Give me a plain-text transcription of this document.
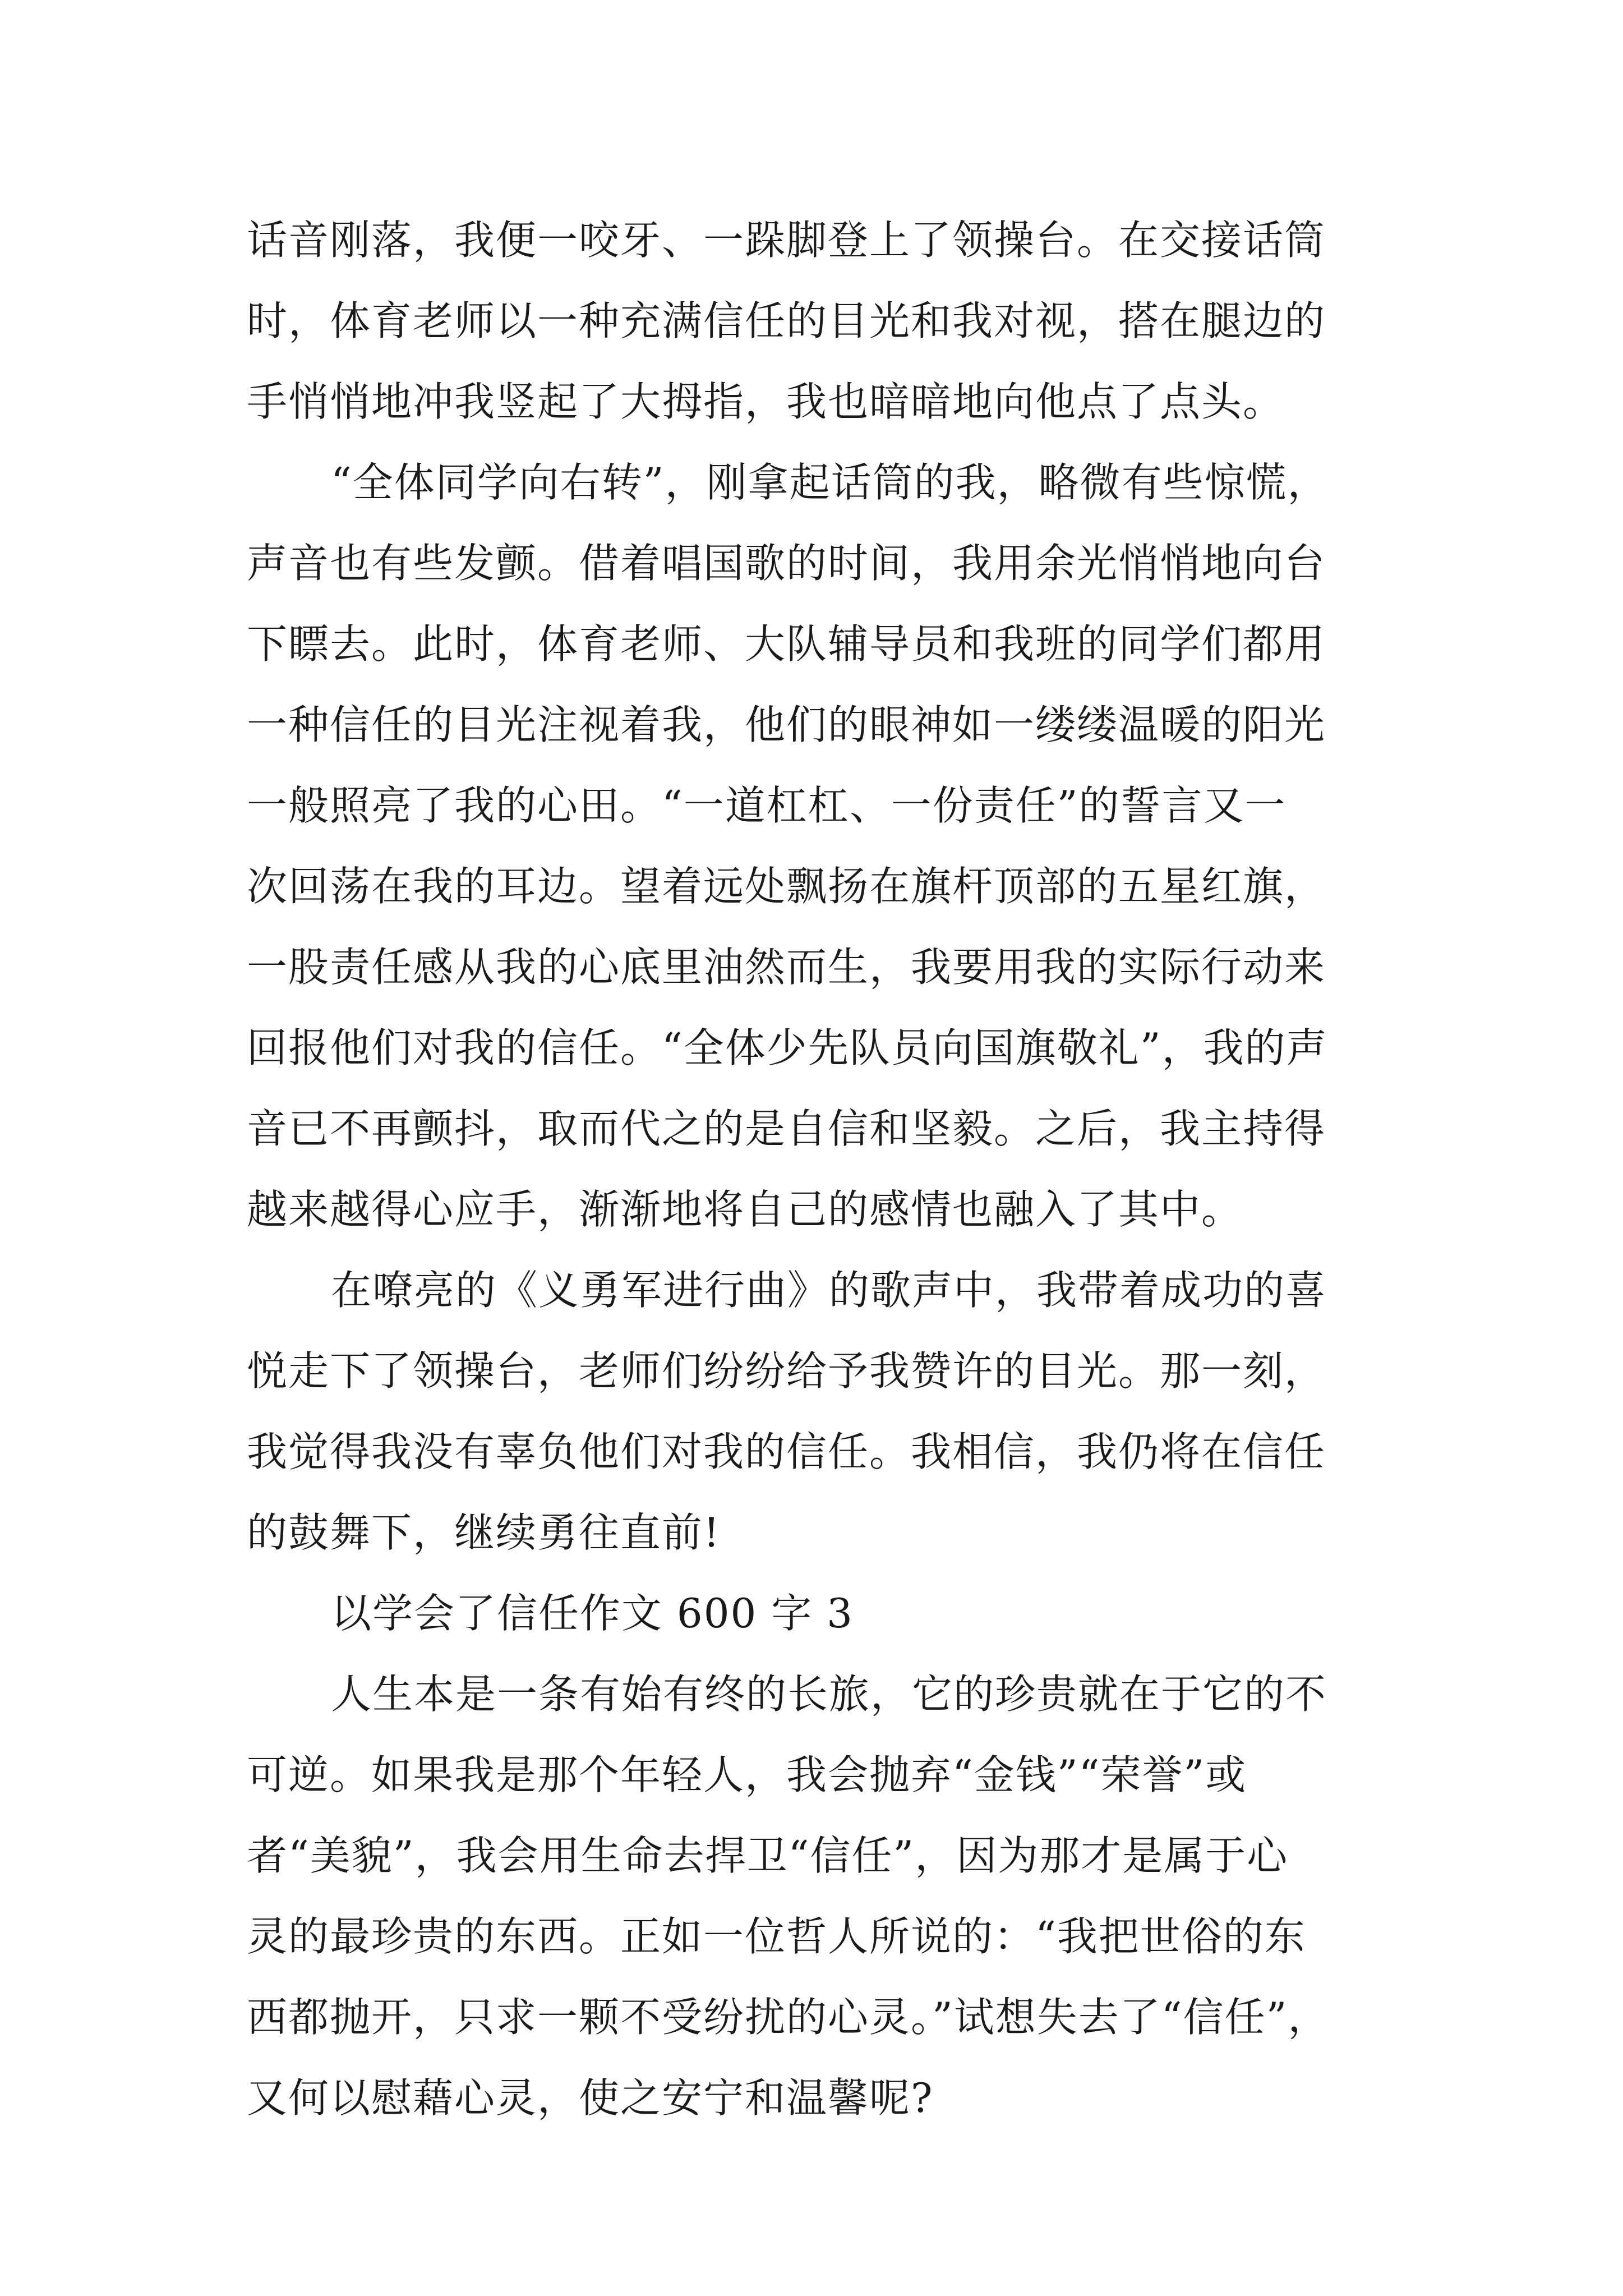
话音刚落，我便一咬牙、一跺脚登上了领操台。在交接话筒
时，体育老师以一种充满信任的目光和我对视，搭在腿边的
手悄悄地冲我竖起了大拇指，我也暗暗地向他点了点头。
“全体同学向右转”，刚拿起话筒的我，略微有些惊慌，
声音也有些发颤。借着唱国歌的时间，我用余光悄悄地向台
下瞟去。此时，体育老师、大队辅导员和我班的同学们都用
一种信任的目光注视着我，他们的眼神如一缕缕温暖的阳光
一般照亮了我的心田。“一道杠杠、一份责任”的誓言又一
次回荡在我的耳边。望着远处飘扬在旗杆顶部的五星红旗，
一股责任感从我的心底里油然而生，我要用我的实际行动来
回报他们对我的信任。“全体少先队员向国旗敬礼”，我的声
音已不再颤抖，取而代之的是自信和坚毅。之后，我主持得
越来越得心应手，渐渐地将自己的感情也融入了其中。
在嘹亮的《义勇军进行曲》的歌声中，我带着成功的喜
悦走下了领操台，老师们纷纷给予我赞许的目光。那一刻，
我觉得我没有辜负他们对我的信任。我相信，我仍将在信任
的鼓舞下，继续勇往直前!
以学会了信任作文 600 字 3
人生本是一条有始有终的长旅，它的珍贵就在于它的不
可逆。如果我是那个年轻人，我会抛弃“金钱”“荣誉”或
者“美貌”，我会用生命去捍卫“信任”，因为那才是属于心
灵的最珍贵的东西。正如一位哲人所说的：“我把世俗的东
西都抛开，只求一颗不受纷扰的心灵。”试想失去了“信任”，
又何以慰藉心灵，使之安宁和温馨呢?
